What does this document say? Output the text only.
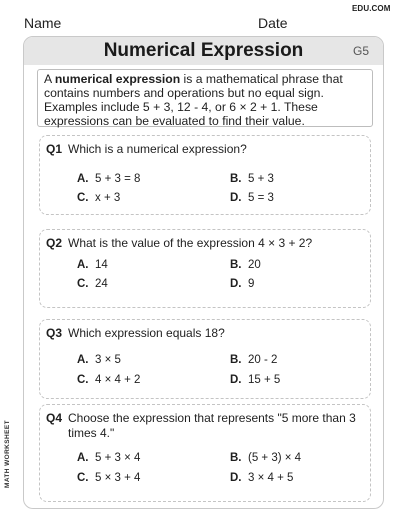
EDU.COM
Name	Date
Numerical Expression	G5
A numerical expression is a mathematical phrase that
contains numbers and operations but no equal sign.
Examples include 5 + 3, 12 - 4, or 6 × 2 + 1. These
expressions can be evaluated to find their value.
Q1 Which is a numerical expression?
A. 5 + 3 = 8	B. 5 + 3
C. x + 3	D. 5 = 3
Q2 What is the value of the expression 4 × 3 + 2?
A. 14	B. 20
C. 24	D. 9
Q3 Which expression equals 18?
A. 3 × 5	B. 20 - 2
C. 4 × 4 + 2	D. 15 + 5
Q4 Choose the expression that represents "5 more than 3 times 4."
A. 5 + 3 × 4	B. (5 + 3) × 4
C. 5 × 3 + 4	D. 3 × 4 + 5
MATH WORKSHEET
